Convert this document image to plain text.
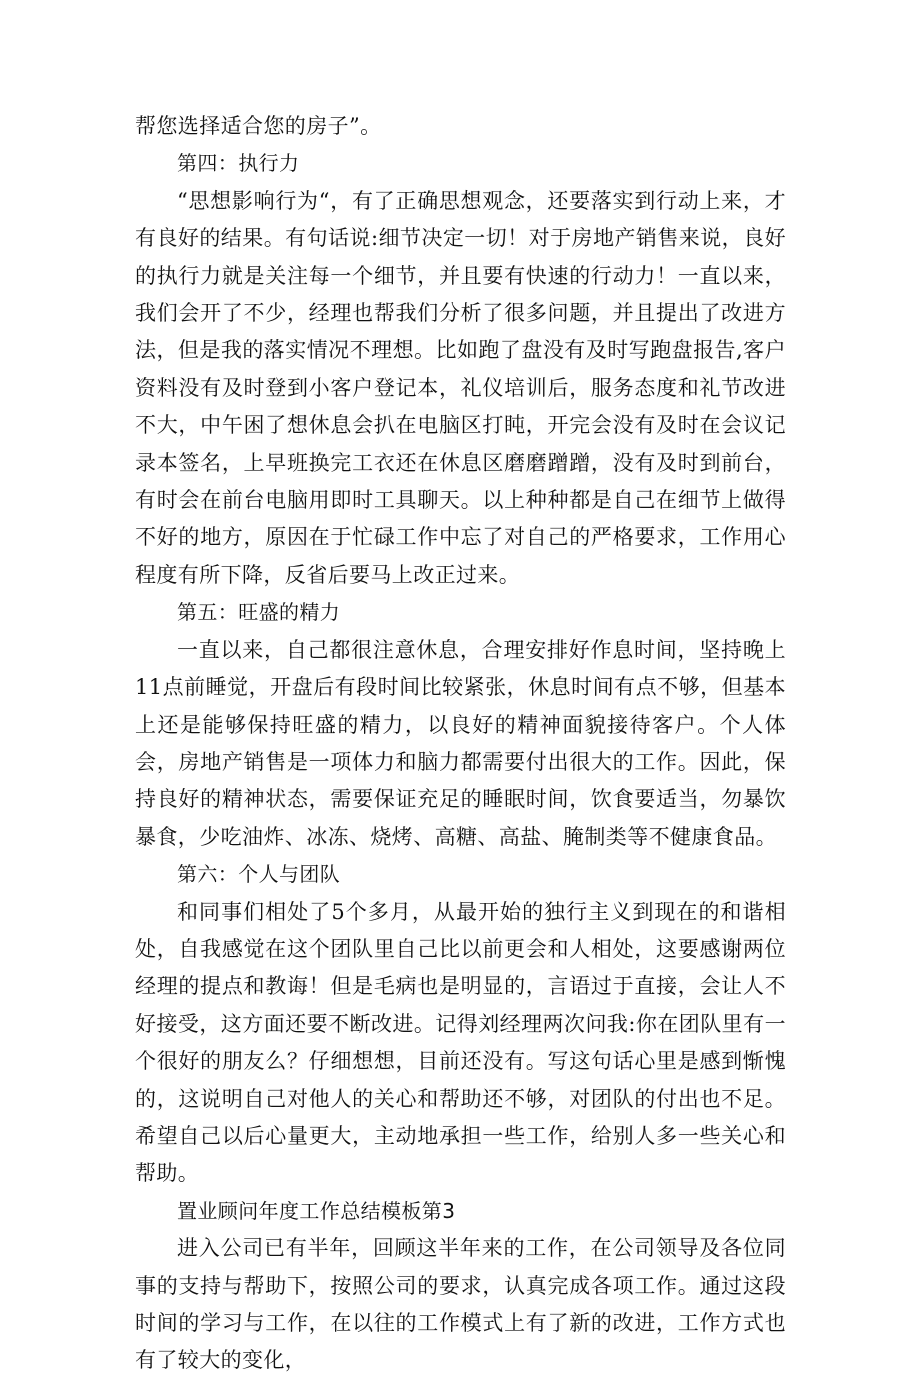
帮您选择适合您的房子”。

第四：执行力

“思想影响行为“，有了正确思想观念，还要落实到行动上来，才有良好的结果。有句话说:细节决定一切！对于房地产销售来说，良好的执行力就是关注每一个细节，并且要有快速的行动力！一直以来，我们会开了不少，经理也帮我们分析了很多问题，并且提出了改进方法，但是我的落实情况不理想。比如跑了盘没有及时写跑盘报告,客户资料没有及时登到小客户登记本，礼仪培训后，服务态度和礼节改进不大，中午困了想休息会扒在电脑区打盹，开完会没有及时在会议记录本签名，上早班换完工衣还在休息区磨磨蹭蹭，没有及时到前台，有时会在前台电脑用即时工具聊天。以上种种都是自己在细节上做得不好的地方，原因在于忙碌工作中忘了对自己的严格要求，工作用心程度有所下降，反省后要马上改正过来。

第五：旺盛的精力

一直以来，自己都很注意休息，合理安排好作息时间，坚持晚上11点前睡觉，开盘后有段时间比较紧张，休息时间有点不够，但基本上还是能够保持旺盛的精力，以良好的精神面貌接待客户。个人体会，房地产销售是一项体力和脑力都需要付出很大的工作。因此，保持良好的精神状态，需要保证充足的睡眠时间，饮食要适当，勿暴饮暴食，少吃油炸、冰冻、烧烤、高糖、高盐、腌制类等不健康食品。

第六：个人与团队

和同事们相处了5个多月，从最开始的独行主义到现在的和谐相处，自我感觉在这个团队里自己比以前更会和人相处，这要感谢两位经理的提点和教诲！但是毛病也是明显的，言语过于直接，会让人不好接受，这方面还要不断改进。记得刘经理两次问我:你在团队里有一个很好的朋友么？仔细想想，目前还没有。写这句话心里是感到惭愧的，这说明自己对他人的关心和帮助还不够，对团队的付出也不足。希望自己以后心量更大，主动地承担一些工作，给别人多一些关心和帮助。

置业顾问年度工作总结模板第3

进入公司已有半年，回顾这半年来的工作，在公司领导及各位同事的支持与帮助下，按照公司的要求，认真完成各项工作。通过这段时间的学习与工作，在以往的工作模式上有了新的改进，工作方式也有了较大的变化，
